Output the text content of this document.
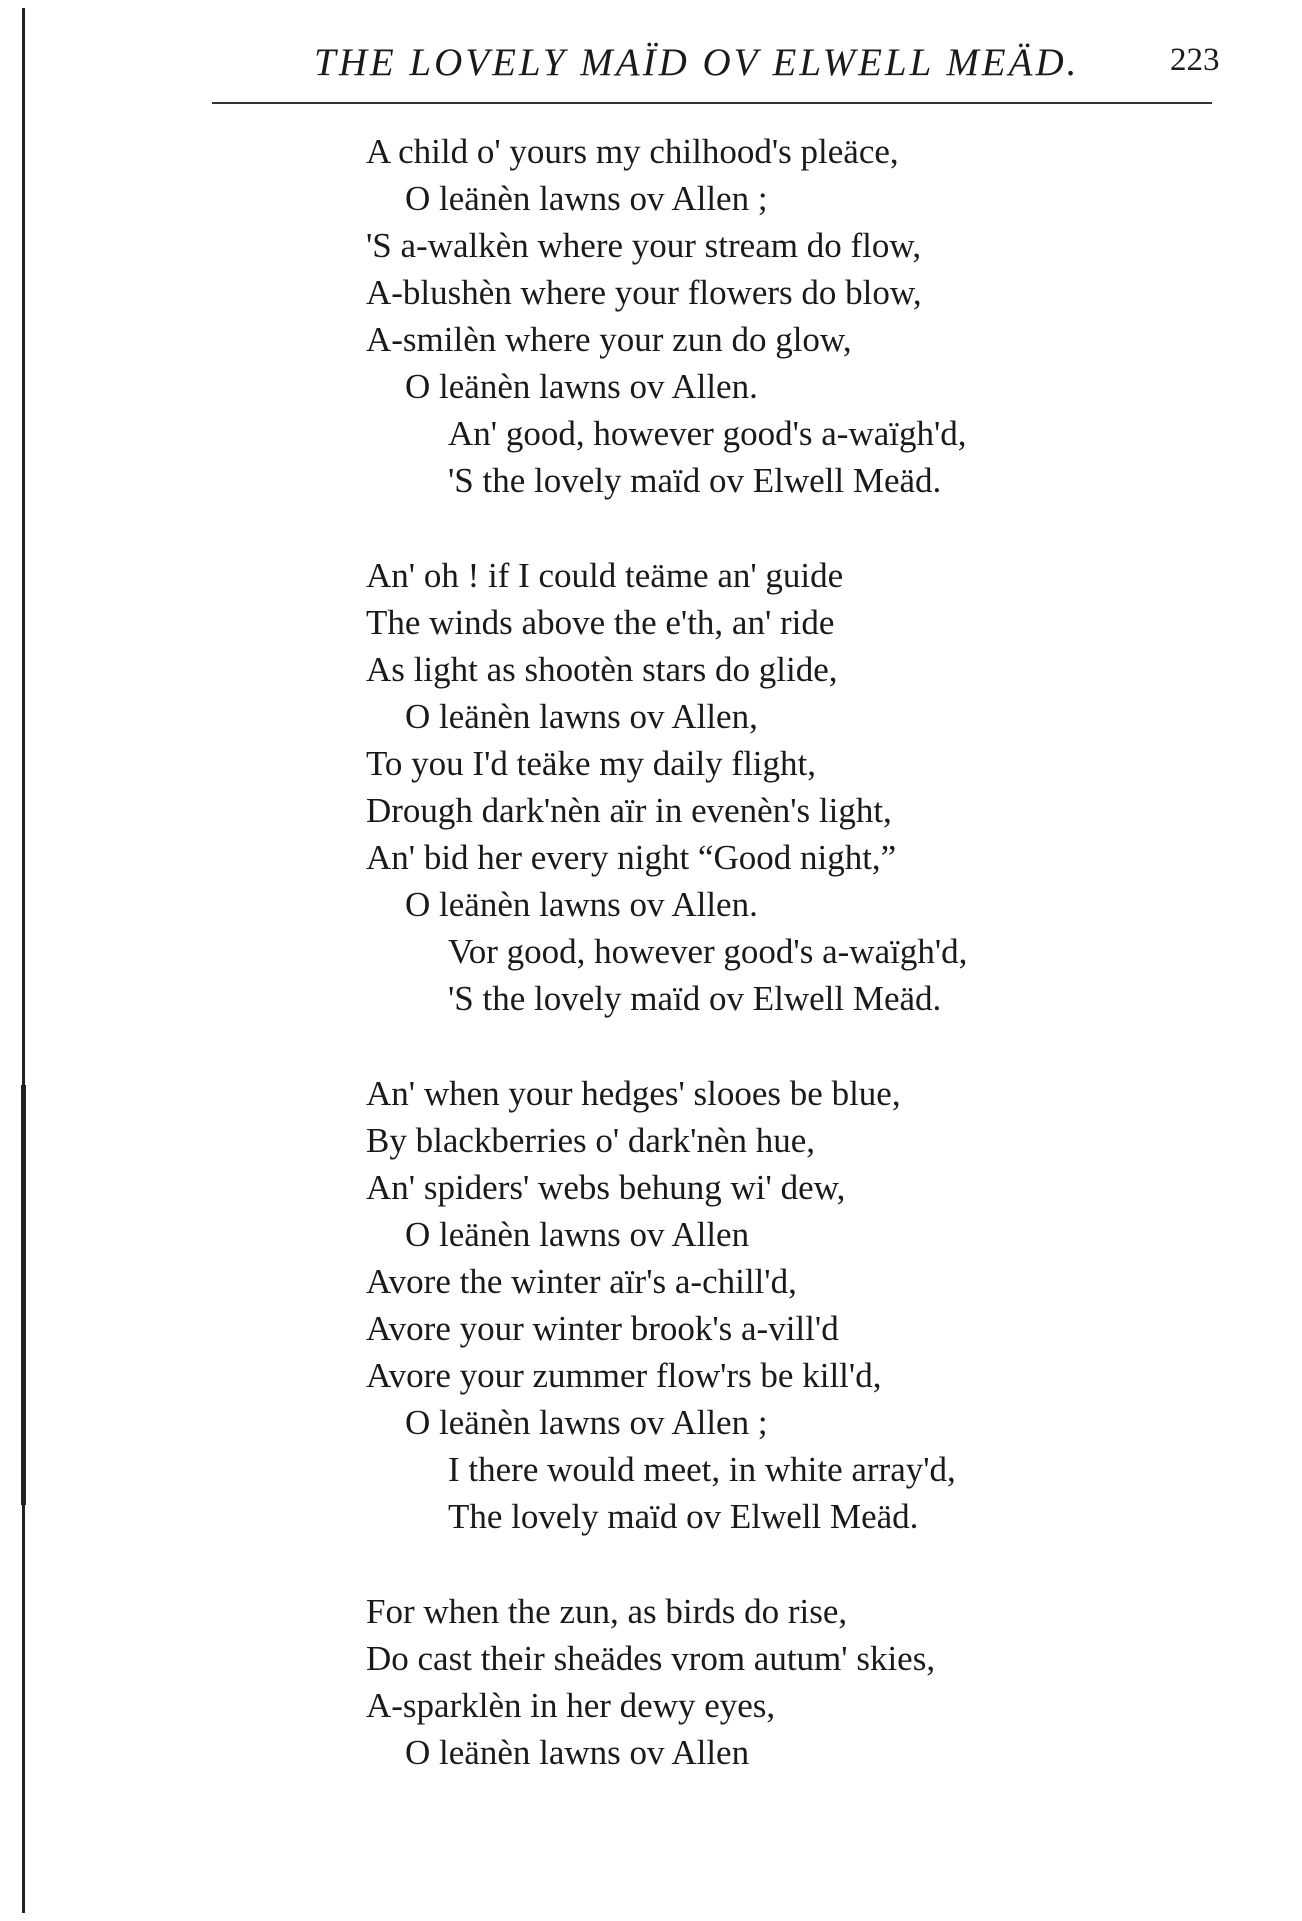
THE LOVELY MAÏD OV ELWELL MEÄD.	223
A child o' yours my chilhood's pleäce,
O leänèn lawns ov Allen ;
'S a-walkèn where your stream do flow,
A-blushèn where your flowers do blow,
A-smilèn where your zun do glow,
O leänèn lawns ov Allen.
An' good, however good's a-waïgh'd,
'S the lovely maïd ov Elwell Meäd.
An' oh ! if I could teäme an' guide
The winds above the e'th, an' ride
As light as shootèn stars do glide,
O leänèn lawns ov Allen,
To you I'd teäke my daily flight,
Drough dark'nèn aïr in evenèn's light,
An' bid her every night “Good night,”
O leänèn lawns ov Allen.
Vor good, however good's a-waïgh'd,
'S the lovely maïd ov Elwell Meäd.
An' when your hedges' slooes be blue,
By blackberries o' dark'nèn hue,
An' spiders' webs behung wi' dew,
O leänèn lawns ov Allen
Avore the winter aïr's a-chill'd,
Avore your winter brook's a-vill'd
Avore your zummer flow'rs be kill'd,
O leänèn lawns ov Allen ;
I there would meet, in white array'd,
The lovely maïd ov Elwell Meäd.
For when the zun, as birds do rise,
Do cast their sheädes vrom autum' skies,
A-sparklèn in her dewy eyes,
O leänèn lawns ov Allen
